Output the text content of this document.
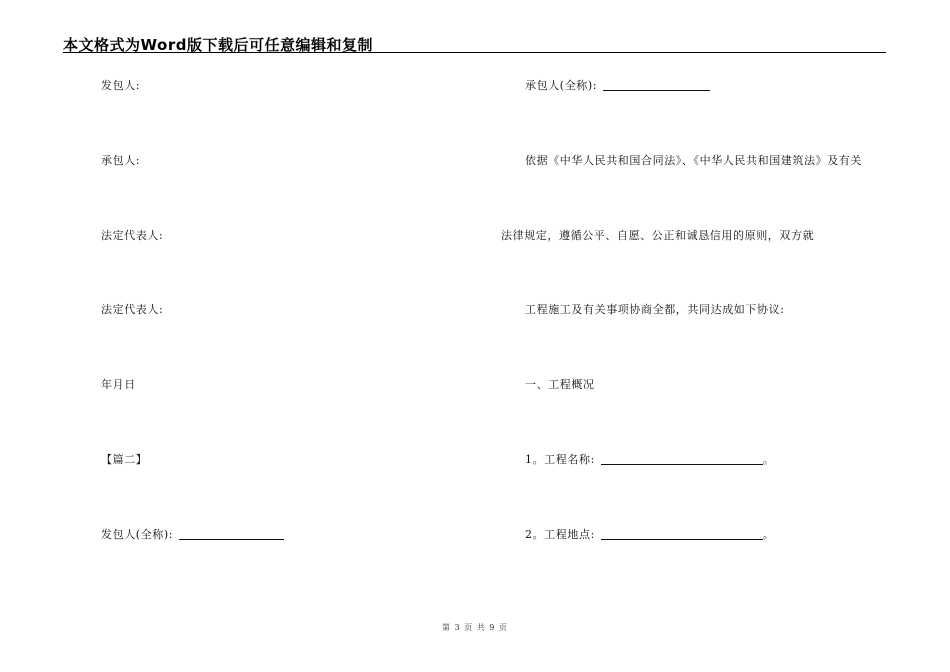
本文格式为Word版下载后可任意编辑和复制
发包人:
承包人:
法定代表人:
法定代表人:
年月日
【篇二】
发包人(全称):
承包人(全称):
依据《中华人民共和国合同法》、《中华人民共和国建筑法》及有关
法律规定，遵循公平、自愿、公正和诚恳信用的原则，双方就
工程施工及有关事项协商全都，共同达成如下协议:
一、工程概况
1。工程名称:	。
2。工程地点:	。
第 3 页 共 9 页
